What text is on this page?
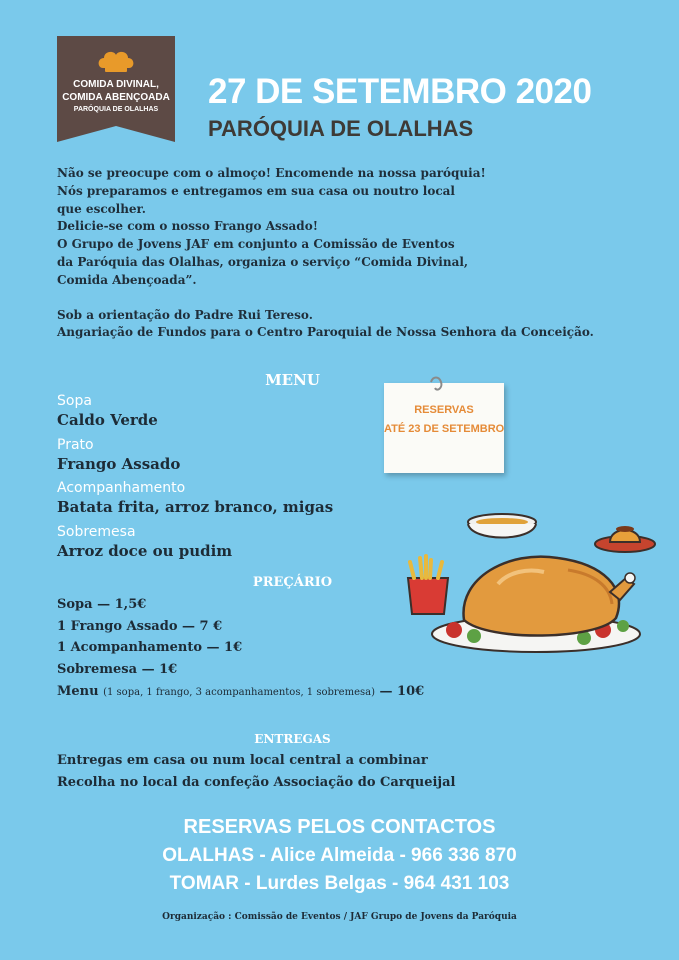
COMIDA DIVINAL,
COMIDA ABENÇOADA
PARÓQUIA DE OLALHAS	27 DE SETEMBRO 2020
PARÓQUIA DE OLALHAS
Não se preocupe com o almoço! Encomende na nossa paróquia!
Nós preparamos e entregamos em sua casa ou noutro local
que escolher.
Delicie-se com o nosso Frango Assado!
O Grupo de Jovens JAF em conjunto a Comissão de Eventos
da Paróquia das Olalhas, organiza o serviço “Comida Divinal,
Comida Abençoada”.
Sob a orientação do Padre Rui Tereso.
Angariação de Fundos para o Centro Paroquial de Nossa Senhora da Conceição.
MENU
Sopa
Caldo Verde
Prato
Frango Assado
Acompanhamento
Batata frita, arroz branco, migas
Sobremesa
Arroz doce ou pudim
RESERVAS
ATÉ 23 DE SETEMBRO
PREÇÁRIO
Sopa — 1,5€
1 Frango Assado — 7 €
1 Acompanhamento — 1€
Sobremesa — 1€
Menu (1 sopa, 1 frango, 3 acompanhamentos, 1 sobremesa) — 10€
ENTREGAS
Entregas em casa ou num local central a combinar
Recolha no local da confeção Associação do Carqueijal
RESERVAS PELOS CONTACTOS
OLALHAS - Alice Almeida - 966 336 870
TOMAR - Lurdes Belgas - 964 431 103
Organização : Comissão de Eventos / JAF Grupo de Jovens da Paróquia
